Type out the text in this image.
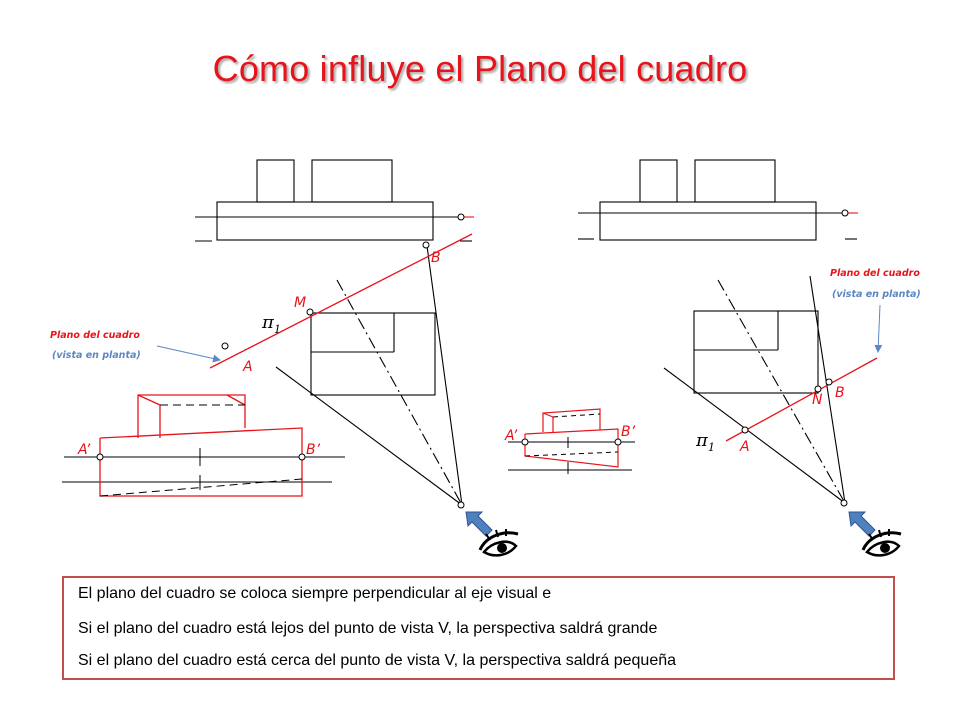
Cómo influye el Plano del cuadro
B
M
A
π 1
Plano del cuadro
(vista en planta)
A’	B’
A’	B’
B
N
A
π 1
Plano del cuadro
(vista en planta)
El plano del cuadro se coloca siempre perpendicular al eje visual e
Si el plano del cuadro está lejos del punto de vista V, la perspectiva saldrá grande
Si el plano del cuadro está cerca del punto de vista V, la perspectiva saldrá pequeña
